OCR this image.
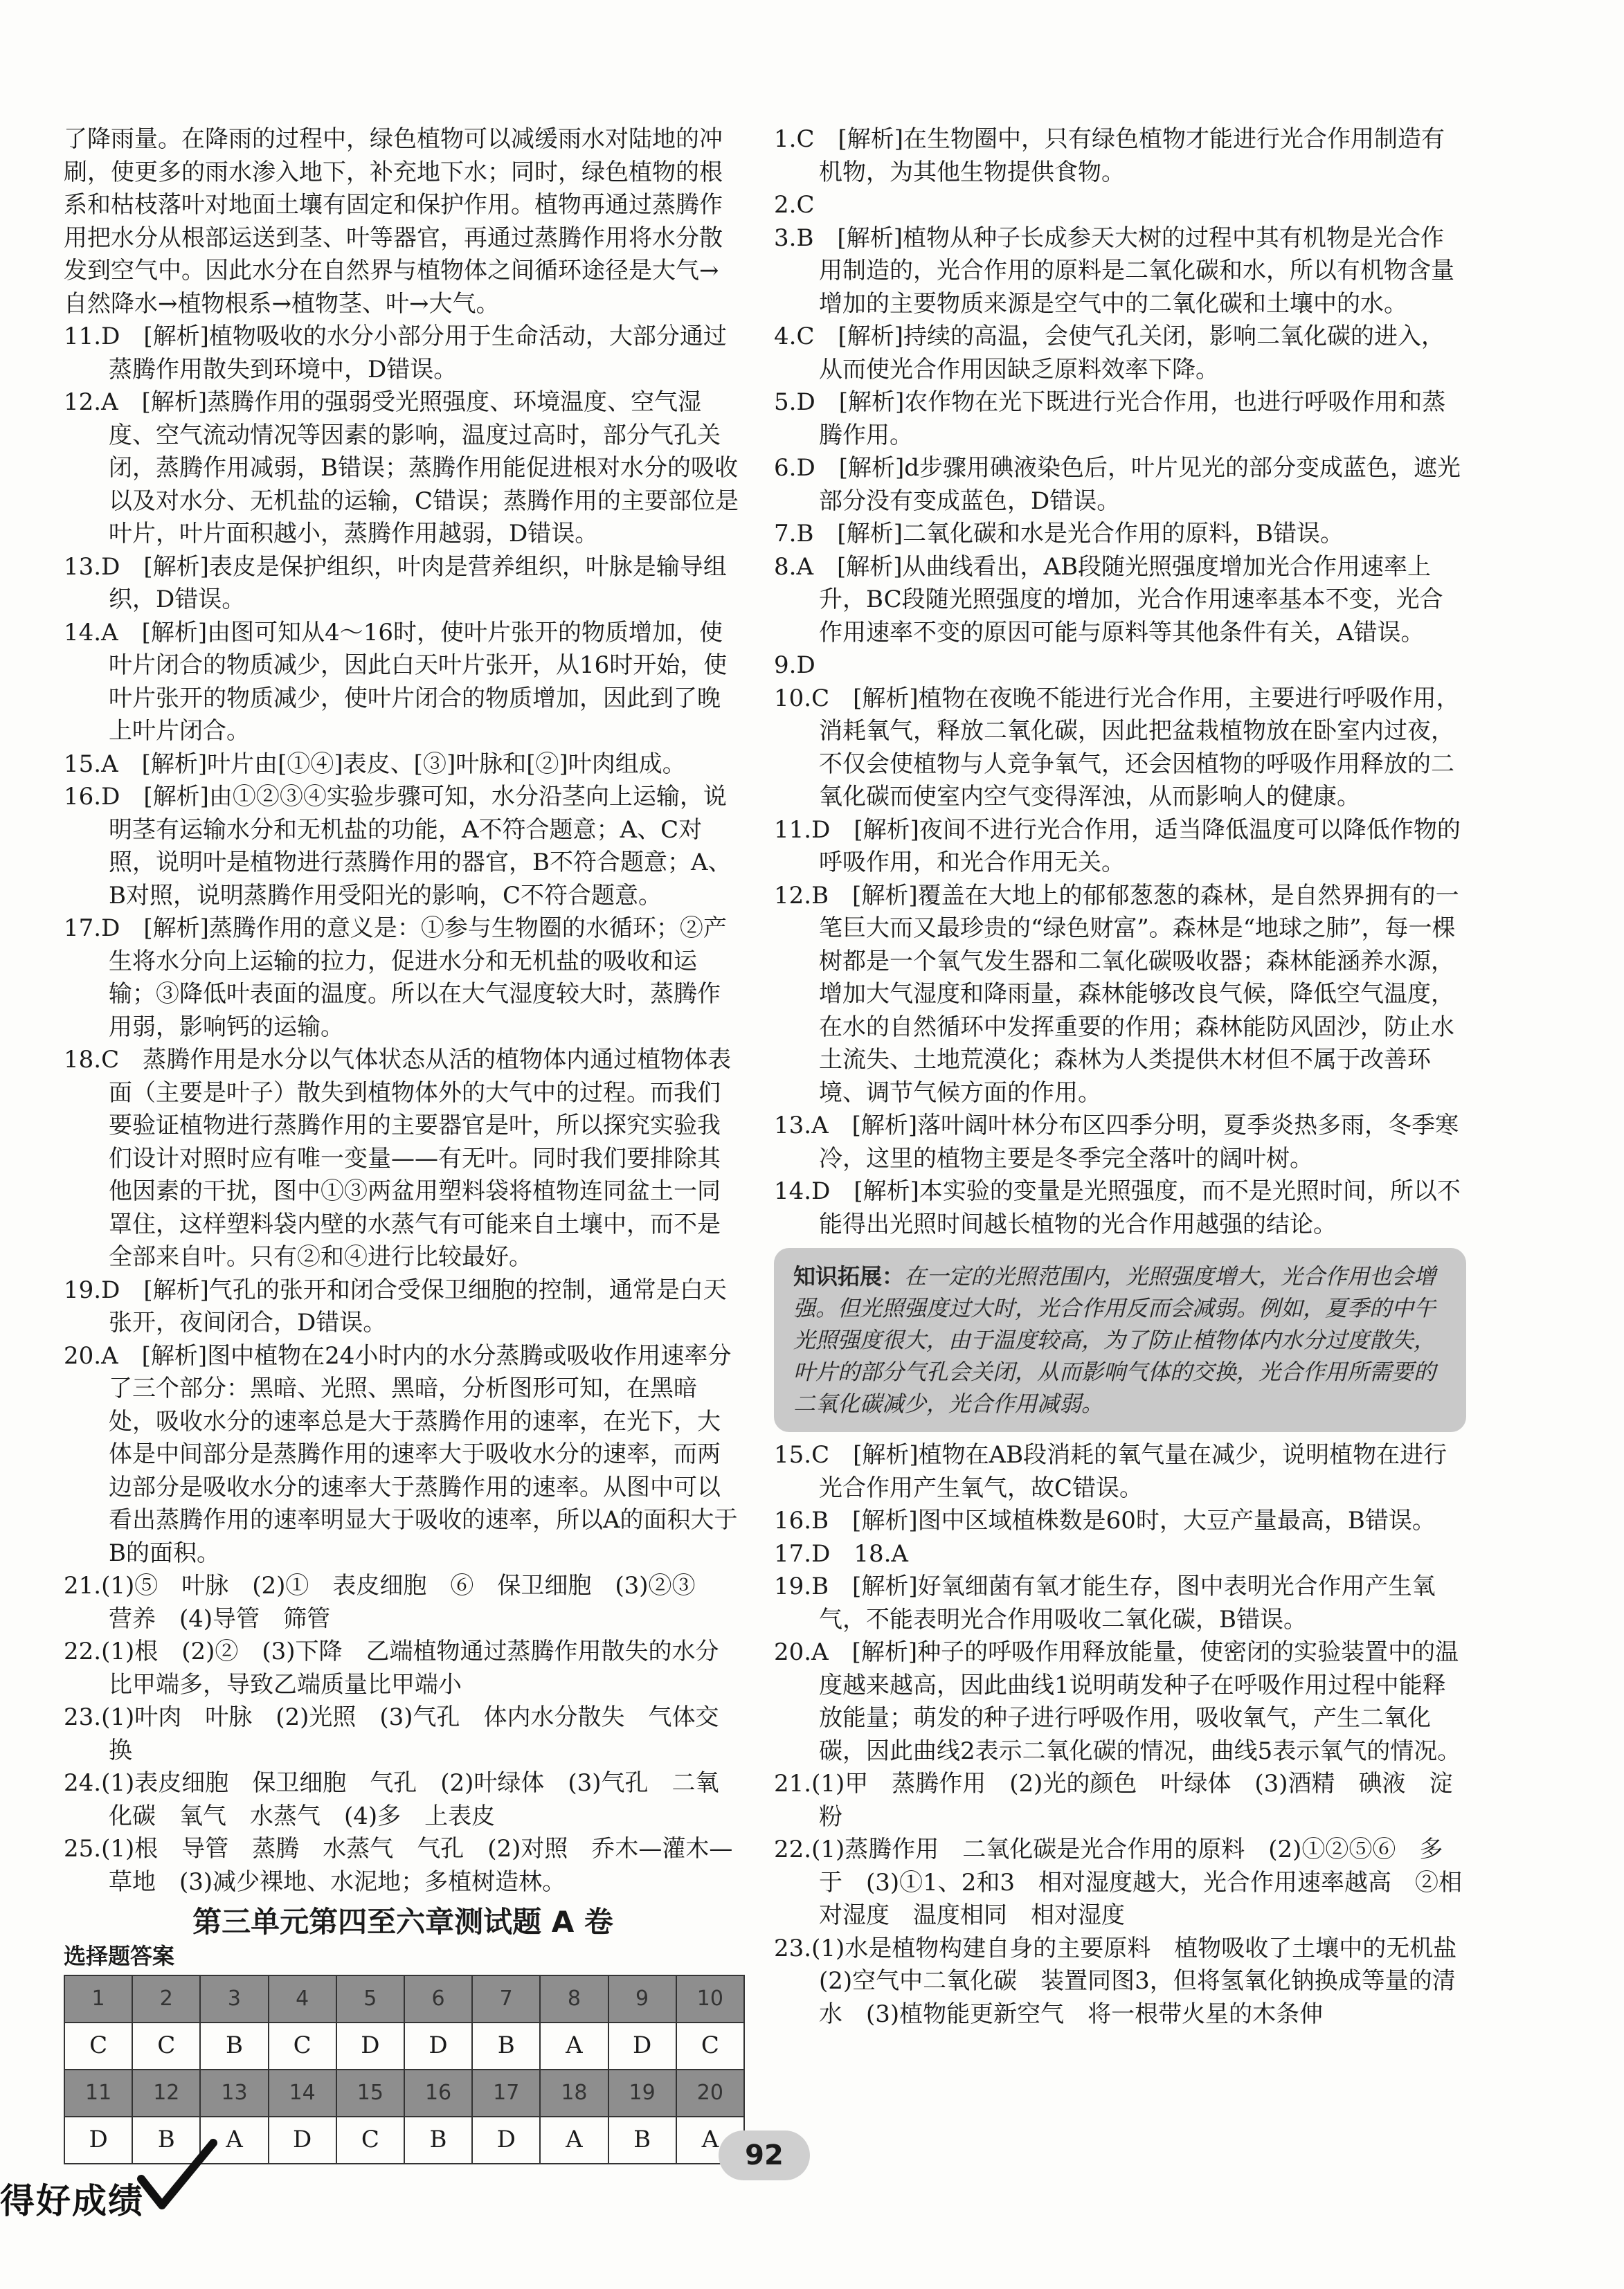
了降雨量。在降雨的过程中，绿色植物可以减缓雨水对陆地的冲刷，使更多的雨水渗入地下，补充地下水；同时，绿色植物的根系和枯枝落叶对地面土壤有固定和保护作用。植物再通过蒸腾作用把水分从根部运送到茎、叶等器官，再通过蒸腾作用将水分散发到空气中。因此水分在自然界与植物体之间循环途径是大气→自然降水→植物根系→植物茎、叶→大气。

11.D　[解析]植物吸收的水分小部分用于生命活动，大部分通过蒸腾作用散失到环境中，D错误。

12.A　[解析]蒸腾作用的强弱受光照强度、环境温度、空气湿度、空气流动情况等因素的影响，温度过高时，部分气孔关闭，蒸腾作用减弱，B错误；蒸腾作用能促进根对水分的吸收以及对水分、无机盐的运输，C错误；蒸腾作用的主要部位是叶片，叶片面积越小，蒸腾作用越弱，D错误。

13.D　[解析]表皮是保护组织，叶肉是营养组织，叶脉是输导组织，D错误。

14.A　[解析]由图可知从4～16时，使叶片张开的物质增加，使叶片闭合的物质减少，因此白天叶片张开，从16时开始，使叶片张开的物质减少，使叶片闭合的物质增加，因此到了晚上叶片闭合。

15.A　[解析]叶片由[①④]表皮、[③]叶脉和[②]叶肉组成。

16.D　[解析]由①②③④实验步骤可知，水分沿茎向上运输，说明茎有运输水分和无机盐的功能，A不符合题意；A、C对照，说明叶是植物进行蒸腾作用的器官，B不符合题意；A、B对照，说明蒸腾作用受阳光的影响，C不符合题意。

17.D　[解析]蒸腾作用的意义是：①参与生物圈的水循环；②产生将水分向上运输的拉力，促进水分和无机盐的吸收和运输；③降低叶表面的温度。所以在大气湿度较大时，蒸腾作用弱，影响钙的运输。

18.C　蒸腾作用是水分以气体状态从活的植物体内通过植物体表面（主要是叶子）散失到植物体外的大气中的过程。而我们要验证植物进行蒸腾作用的主要器官是叶，所以探究实验我们设计对照时应有唯一变量——有无叶。同时我们要排除其他因素的干扰，图中①③两盆用塑料袋将植物连同盆土一同罩住，这样塑料袋内壁的水蒸气有可能来自土壤中，而不是全部来自叶。只有②和④进行比较最好。

19.D　[解析]气孔的张开和闭合受保卫细胞的控制，通常是白天张开，夜间闭合，D错误。

20.A　[解析]图中植物在24小时内的水分蒸腾或吸收作用速率分了三个部分：黑暗、光照、黑暗，分析图形可知，在黑暗处，吸收水分的速率总是大于蒸腾作用的速率，在光下，大体是中间部分是蒸腾作用的速率大于吸收水分的速率，而两边部分是吸收水分的速率大于蒸腾作用的速率。从图中可以看出蒸腾作用的速率明显大于吸收的速率，所以A的面积大于B的面积。

21.(1)⑤　叶脉　(2)①　表皮细胞　⑥　保卫细胞　(3)②③　营养　(4)导管　筛管

22.(1)根　(2)②　(3)下降　乙端植物通过蒸腾作用散失的水分比甲端多，导致乙端质量比甲端小

23.(1)叶肉　叶脉　(2)光照　(3)气孔　体内水分散失　气体交换

24.(1)表皮细胞　保卫细胞　气孔　(2)叶绿体　(3)气孔　二氧化碳　氧气　水蒸气　(4)多　上表皮

25.(1)根　导管　蒸腾　水蒸气　气孔　(2)对照　乔木—灌木—草地　(3)减少裸地、水泥地；多植树造林。

第三单元第四至六章测试题 A 卷
选择题答案
1	2	3	4	5	6	7	8	9	10
C	C	B	C	D	D	B	A	D	C
11	12	13	14	15	16	17	18	19	20
D	B	A	D	C	B	D	A	B	A

1.C　[解析]在生物圈中，只有绿色植物才能进行光合作用制造有机物，为其他生物提供食物。

2.C

3.B　[解析]植物从种子长成参天大树的过程中其有机物是光合作用制造的，光合作用的原料是二氧化碳和水，所以有机物含量增加的主要物质来源是空气中的二氧化碳和土壤中的水。

4.C　[解析]持续的高温，会使气孔关闭，影响二氧化碳的进入，从而使光合作用因缺乏原料效率下降。

5.D　[解析]农作物在光下既进行光合作用，也进行呼吸作用和蒸腾作用。

6.D　[解析]d步骤用碘液染色后，叶片见光的部分变成蓝色，遮光部分没有变成蓝色，D错误。

7.B　[解析]二氧化碳和水是光合作用的原料，B错误。

8.A　[解析]从曲线看出，AB段随光照强度增加光合作用速率上升，BC段随光照强度的增加，光合作用速率基本不变，光合作用速率不变的原因可能与原料等其他条件有关，A错误。

9.D

10.C　[解析]植物在夜晚不能进行光合作用，主要进行呼吸作用，消耗氧气，释放二氧化碳，因此把盆栽植物放在卧室内过夜，不仅会使植物与人竞争氧气，还会因植物的呼吸作用释放的二氧化碳而使室内空气变得浑浊，从而影响人的健康。

11.D　[解析]夜间不进行光合作用，适当降低温度可以降低作物的呼吸作用，和光合作用无关。

12.B　[解析]覆盖在大地上的郁郁葱葱的森林，是自然界拥有的一笔巨大而又最珍贵的“绿色财富”。森林是“地球之肺”，每一棵树都是一个氧气发生器和二氧化碳吸收器；森林能涵养水源，增加大气湿度和降雨量，森林能够改良气候，降低空气温度，在水的自然循环中发挥重要的作用；森林能防风固沙，防止水土流失、土地荒漠化；森林为人类提供木材但不属于改善环境、调节气候方面的作用。

13.A　[解析]落叶阔叶林分布区四季分明，夏季炎热多雨，冬季寒冷，这里的植物主要是冬季完全落叶的阔叶树。

14.D　[解析]本实验的变量是光照强度，而不是光照时间，所以不能得出光照时间越长植物的光合作用越强的结论。

知识拓展：在一定的光照范围内，光照强度增大，光合作用也会增强。但光照强度过大时，光合作用反而会减弱。例如，夏季的中午光照强度很大，由于温度较高，为了防止植物体内水分过度散失，叶片的部分气孔会关闭，从而影响气体的交换，光合作用所需要的二氧化碳减少，光合作用减弱。

15.C　[解析]植物在AB段消耗的氧气量在减少，说明植物在进行光合作用产生氧气，故C错误。

16.B　[解析]图中区域植株数是60时，大豆产量最高，B错误。

17.D　18.A

19.B　[解析]好氧细菌有氧才能生存，图中表明光合作用产生氧气，不能表明光合作用吸收二氧化碳，B错误。

20.A　[解析]种子的呼吸作用释放能量，使密闭的实验装置中的温度越来越高，因此曲线1说明萌发种子在呼吸作用过程中能释放能量；萌发的种子进行呼吸作用，吸收氧气，产生二氧化碳，因此曲线2表示二氧化碳的情况，曲线5表示氧气的情况。

21.(1)甲　蒸腾作用　(2)光的颜色　叶绿体　(3)酒精　碘液　淀粉

22.(1)蒸腾作用　二氧化碳是光合作用的原料　(2)①②⑤⑥　多于　(3)①1、2和3　相对湿度越大，光合作用速率越高　②相对湿度　温度相同　相对湿度

23.(1)水是植物构建自身的主要原料　植物吸收了土壤中的无机盐　(2)空气中二氧化碳　装置同图3，但将氢氧化钠换成等量的清水　(3)植物能更新空气　将一根带火星的木条伸

得好成绩
92
